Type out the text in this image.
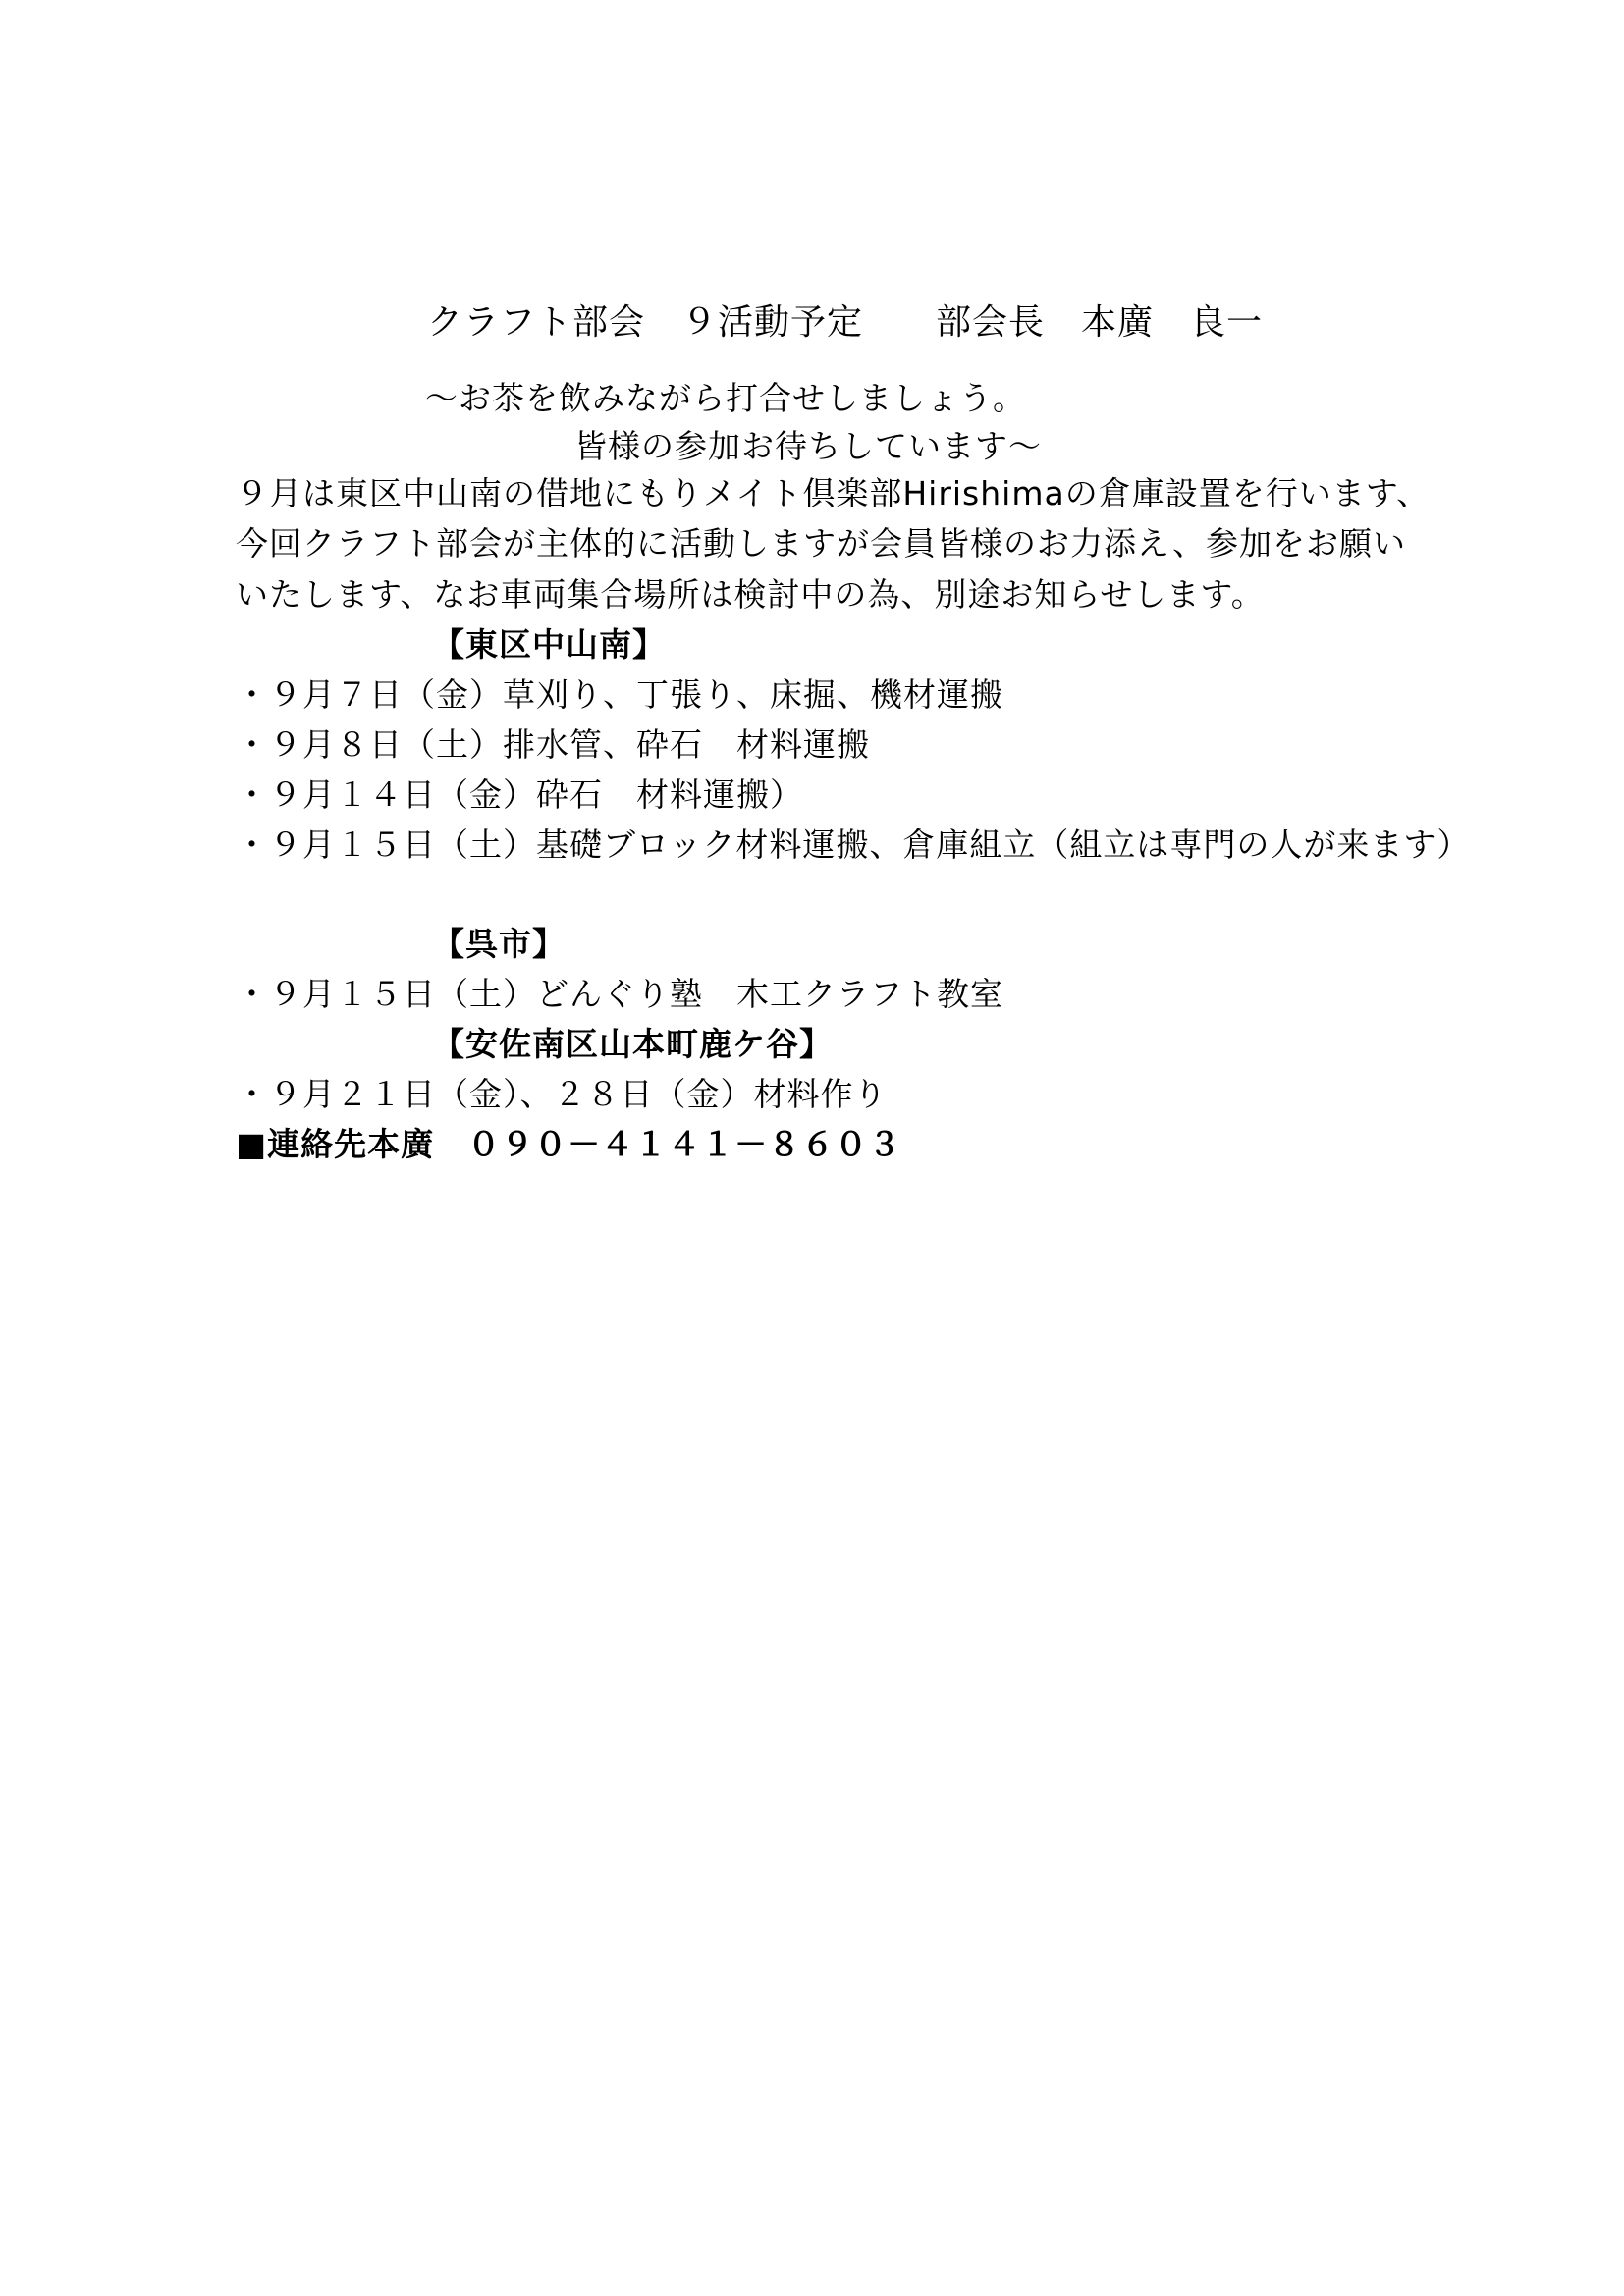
クラフト部会　９活動予定　　部会長　本廣　良一
～お茶を飲みながら打合せしましょう。
皆様の参加お待ちしています～
９月は東区中山南の借地にもりメイト倶楽部Hirishimaの倉庫設置を行います、
今回クラフト部会が主体的に活動しますが会員皆様のお力添え、参加をお願い
いたします、なお車両集合場所は検討中の為、別途お知らせします。
【東区中山南】
・９月７日（金）草刈り、丁張り、床掘、機材運搬
・９月８日（土）排水管、砕石　材料運搬
・９月１４日（金）砕石　材料運搬）
・９月１５日（土）基礎ブロック材料運搬、倉庫組立（組立は専門の人が来ます）
【呉市】
・９月１５日（土）どんぐり塾　木工クラフト教室
【安佐南区山本町鹿ケ谷】
・９月２１日（金）、２８日（金）材料作り
■連絡先本廣　０９０－４１４１－８６０３
